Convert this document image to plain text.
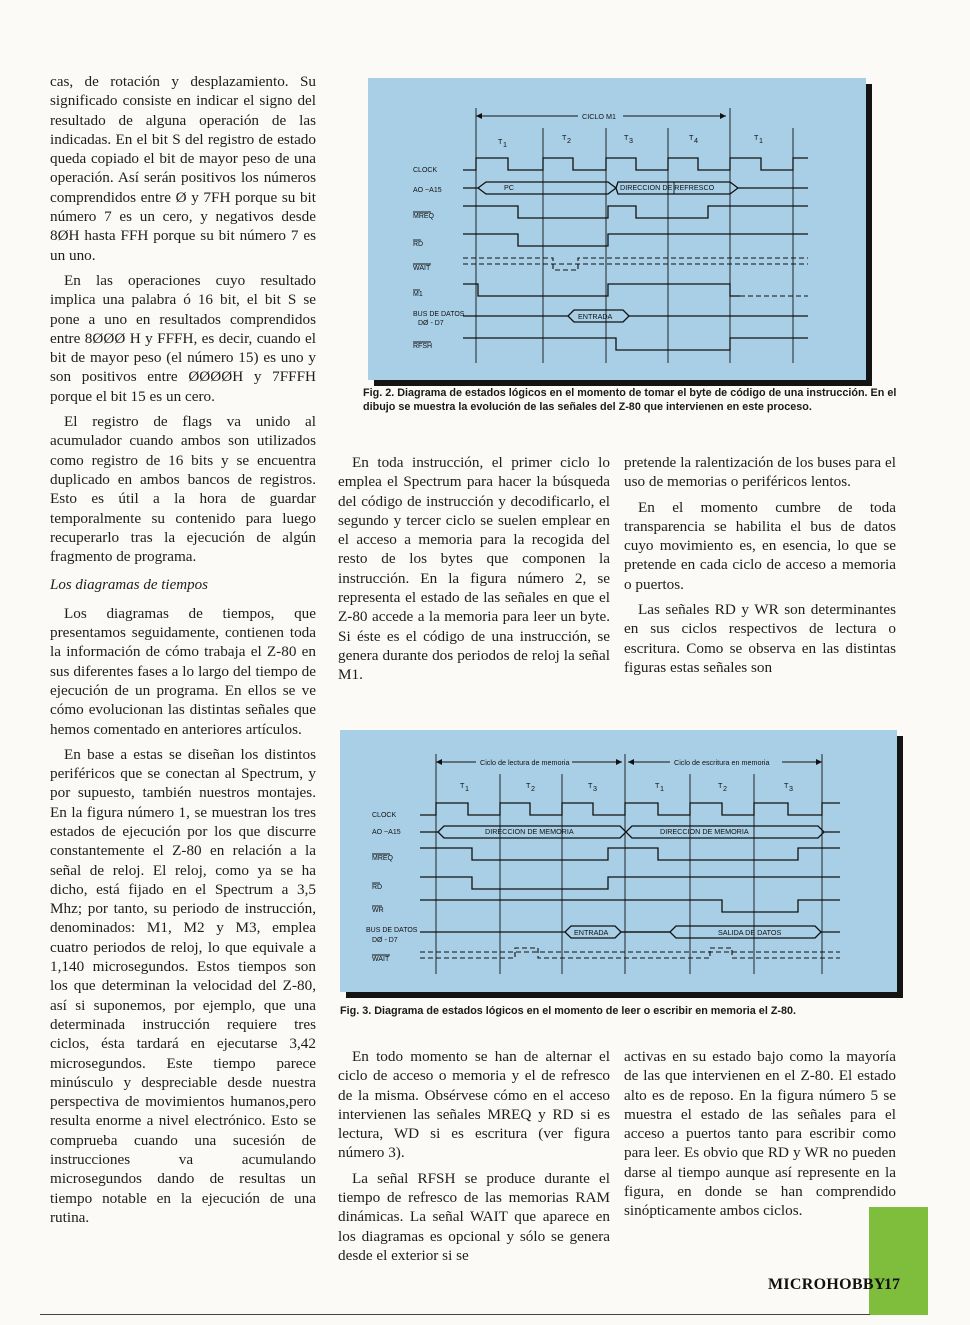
cas, de rotación y desplazamiento. Su significado consiste en indicar el signo del resultado de alguna operación de las indicadas. En el bit S del registro de estado queda copiado el bit de mayor peso de una operación. Así serán positivos los números comprendidos entre Ø y 7FH porque su bit número 7 es un cero, y negativos desde 8ØH hasta FFH porque su bit número 7 es un uno.

En las operaciones cuyo resultado implica una palabra ó 16 bit, el bit S se pone a uno en resultados comprendidos entre 8ØØØ H y FFFH, es decir, cuando el bit de mayor peso (el número 15) es uno y son positivos entre ØØØØH y 7FFFH porque el bit 15 es un cero.

El registro de flags va unido al acumulador cuando ambos son utilizados como registro de 16 bits y se encuentra duplicado en ambos bancos de registros. Esto es útil a la hora de guardar temporalmente su contenido para luego recuperarlo tras la ejecución de algún fragmento de programa.

Los diagramas de tiempos

Los diagramas de tiempos, que presentamos seguidamente, contienen toda la información de cómo trabaja el Z-80 en sus diferentes fases a lo largo del tiempo de ejecución de un programa. En ellos se ve cómo evolucionan las distintas señales que hemos comentado en anteriores artículos.

En base a estas se diseñan los distintos periféricos que se conectan al Spectrum, y por supuesto, también nuestros montajes. En la figura número 1, se muestran los tres estados de ejecución por los que discurre constantemente el Z-80 en relación a la señal de reloj. El reloj, como ya se ha dicho, está fijado en el Spectrum a 3,5 Mhz; por tanto, su periodo de instrucción, denominados: M1, M2 y M3, emplea cuatro periodos de reloj, lo que equivale a 1,140 microsegundos. Estos tiempos son los que determinan la velocidad del Z-80, así si suponemos, por ejemplo, que una determinada instrucción requiere tres ciclos, ésta tardará en ejecutarse 3,42 microsegundos. Este tiempo parece minúsculo y despreciable desde nuestra perspectiva de movimientos humanos,pero resulta enorme a nivel electrónico. Esto se comprueba cuando una sucesión de instrucciones va acumulando microsegundos dando de resultas un tiempo notable en la ejecución de una rutina.

CICLO M1
T 1
T 2	T 3	T 4	T 1
CLOCK
AO ~A15
MREQ
RD
WAIT
M1
BUS DE DATOS
DØ - D7
RFSH
PC	DIRECCION DE REFRESCO
ENTRADA
Fig. 2. Diagrama de estados lógicos en el momento de tomar el byte de código de una instrucción. En el dibujo se muestra la evolución de las señales del Z-80 que intervienen en este proceso.

En toda instrucción, el primer ciclo lo emplea el Spectrum para hacer la búsqueda del código de instrucción y decodificarlo, el segundo y tercer ciclo se suelen emplear en el acceso a memoria para la recogida del resto de los bytes que componen la instrucción. En la figura número 2, se representa el estado de las señales en que el Z-80 accede a la memoria para leer un byte. Si éste es el código de una instrucción, se genera durante dos periodos de reloj la señal M1.

pretende la ralentización de los buses para el uso de memorias o periféricos lentos.

En el momento cumbre de toda transparencia se habilita el bus de datos cuyo movimiento es, en esencia, lo que se pretende en cada ciclo de acceso a memoria o puertos.

Las señales RD y WR son determinantes en sus ciclos respectivos de lectura o escritura. Como se observa en las distintas figuras estas señales son

Ciclo de lectura de memoria	Ciclo de escritura en memoria
T 1	T 2	T 3	T 1	T 2	T 3
CLOCK
AO ~A15
MREQ
RD
WR
BUS DE DATOS
DØ - D7
WAIT
DIRECCION DE MEMORIA	DIRECCION DE MEMORIA
ENTRADA	SALIDA DE DATOS
Fig. 3. Diagrama de estados lógicos en el momento de leer o escribir en memoria el Z-80.

En todo momento se han de alternar el ciclo de acceso o memoria y el de refresco de la misma. Obsérvese cómo en el acceso intervienen las señales MREQ y RD si es lectura, WD si es escritura (ver figura número 3).

La señal RFSH se produce durante el tiempo de refresco de las memorias RAM dinámicas. La señal WAIT que aparece en los diagramas es opcional y sólo se genera desde el exterior si se

activas en su estado bajo como la mayoría de las que intervienen en el Z-80. El estado alto es de reposo. En la figura número 5 se muestra el estado de las señales para el acceso a puertos tanto para escribir como para leer. Es obvio que RD y WR no pueden darse al tiempo aunque así represente en la figura, en donde se han comprendido sinópticamente ambos ciclos.

MICROHOBBY
17
